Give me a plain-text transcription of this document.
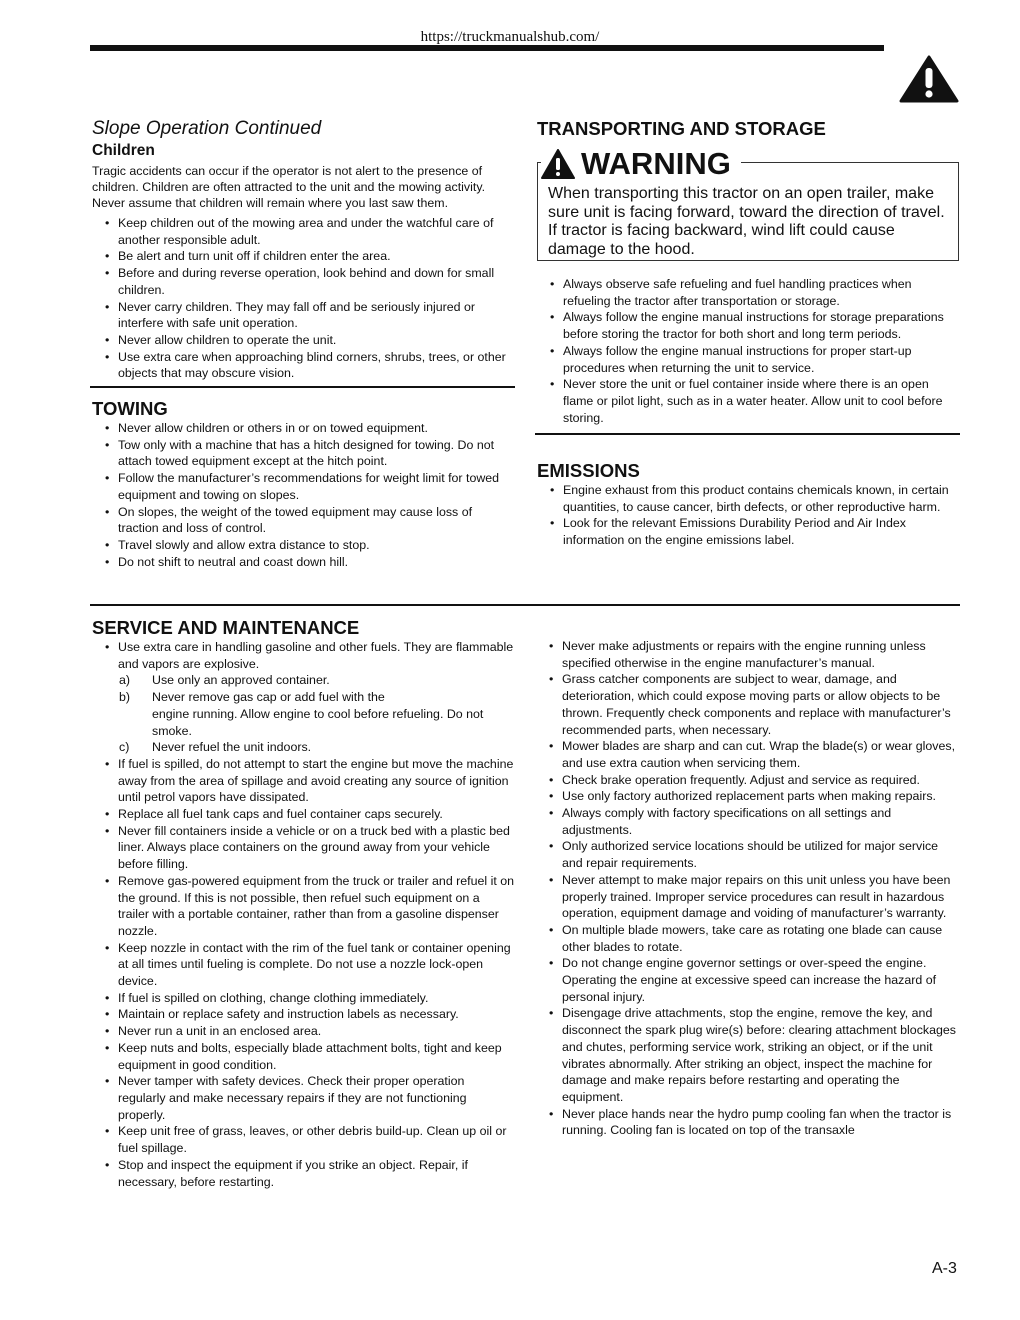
https://truckmanualshub.com/

Slope Operation Continued

Children

Tragic accidents can occur if the operator is not alert to the presence of children. Children are often attracted to the unit and the mowing activity. Never assume that children will remain where you last saw them.

• Keep children out of the mowing area and under the watchful care of another responsible adult.
• Be alert and turn unit off if children enter the area.
• Before and during reverse operation, look behind and down for small children.
• Never carry children. They may fall off and be seriously injured or interfere with safe unit operation.
• Never allow children to operate the unit.
• Use extra care when approaching blind corners, shrubs, trees, or other objects that may obscure vision.

TOWING

• Never allow children or others in or on towed equipment.
• Tow only with a machine that has a hitch designed for towing. Do not attach towed equipment except at the hitch point.
• Follow the manufacturer’s recommendations for weight limit for towed equipment and towing on slopes.
• On slopes, the weight of the towed equipment may cause loss of traction and loss of control.
• Travel slowly and allow extra distance to stop.
• Do not shift to neutral and coast down hill.

TRANSPORTING AND STORAGE

WARNING
When transporting this tractor on an open trailer, make sure unit is facing forward, toward the direction of travel. If tractor is facing backward, wind lift could cause damage to the hood.
• Always observe safe refueling and fuel handling practices when refueling the tractor after transportation or storage.
• Always follow the engine manual instructions for storage preparations before storing the tractor for both short and long term periods.
• Always follow the engine manual instructions for proper start-up procedures when returning the unit to service.
• Never store the unit or fuel container inside where there is an open flame or pilot light, such as in a water heater. Allow unit to cool before storing.

EMISSIONS

• Engine exhaust from this product contains chemicals known, in certain quantities, to cause cancer, birth defects, or other reproductive harm.
• Look for the relevant Emissions Durability Period and Air Index information on the engine emissions label.

SERVICE AND MAINTENANCE

• Use extra care in handling gasoline and other fuels. They are flammable and vapors are explosive.
a) Use only an approved container.
b) Never remove gas cap or add fuel with the
engine running. Allow engine to cool before refueling. Do not smoke.
c) Never refuel the unit indoors.
• If fuel is spilled, do not attempt to start the engine but move the machine away from the area of spillage and avoid creating any source of ignition until petrol vapors have dissipated.
• Replace all fuel tank caps and fuel container caps securely.
• Never fill containers inside a vehicle or on a truck bed with a plastic bed liner. Always place containers on the ground away from your vehicle before filling.
• Remove gas-powered equipment from the truck or trailer and refuel it on the ground. If this is not possible, then refuel such equipment on a trailer with a portable container, rather than from a gasoline dispenser nozzle.
• Keep nozzle in contact with the rim of the fuel tank or container opening at all times until fueling is complete. Do not use a nozzle lock-open device.
• If fuel is spilled on clothing, change clothing immediately.
• Maintain or replace safety and instruction labels as necessary.
• Never run a unit in an enclosed area.
• Keep nuts and bolts, especially blade attachment bolts, tight and keep equipment in good condition.
• Never tamper with safety devices. Check their proper operation regularly and make necessary repairs if they are not functioning properly.
• Keep unit free of grass, leaves, or other debris build-up. Clean up oil or fuel spillage.
• Stop and inspect the equipment if you strike an object. Repair, if necessary, before restarting.
• Never make adjustments or repairs with the engine running unless specified otherwise in the engine manufacturer’s manual.
• Grass catcher components are subject to wear, damage, and deterioration, which could expose moving parts or allow objects to be thrown. Frequently check components and replace with manufacturer’s recommended parts, when necessary.
• Mower blades are sharp and can cut. Wrap the blade(s) or wear gloves, and use extra caution when servicing them.
• Check brake operation frequently. Adjust and service as required.
• Use only factory authorized replacement parts when making repairs.
• Always comply with factory specifications on all settings and adjustments.
• Only authorized service locations should be utilized for major service and repair requirements.
• Never attempt to make major repairs on this unit unless you have been properly trained. Improper service procedures can result in hazardous operation, equipment damage and voiding of manufacturer’s warranty.
• On multiple blade mowers, take care as rotating one blade can cause other blades to rotate.
• Do not change engine governor settings or over-speed the engine. Operating the engine at excessive speed can increase the hazard of personal injury.
• Disengage drive attachments, stop the engine, remove the key, and disconnect the spark plug wire(s) before: clearing attachment blockages and chutes, performing service work, striking an object, or if the unit vibrates abnormally. After striking an object, inspect the machine for damage and make repairs before restarting and operating the equipment.
• Never place hands near the hydro pump cooling fan when the tractor is running. Cooling fan is located on top of the transaxle
A-3
